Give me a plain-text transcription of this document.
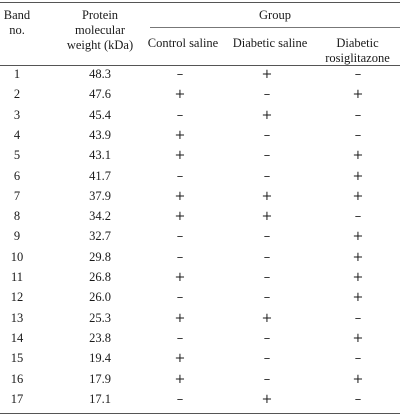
Band
no.
Protein
molecular
weight (kDa)
Group
Control saline	Diabetic saline	Diabetic
rosiglitazone
1	48.3	–	+	–
2	47.6	+	–	+
3	45.4	–	+	–
4	43.9	+	–	–
5	43.1	+	–	+
6	41.7	–	–	+
7	37.9	+	+	+
8	34.2	+	+	–
9	32.7	–	–	+
10	29.8	–	–	+
11	26.8	+	–	+
12	26.0	–	–	+
13	25.3	+	+	–
14	23.8	–	–	+
15	19.4	+	–	–
16	17.9	+	–	+
17	17.1	–	+	–
